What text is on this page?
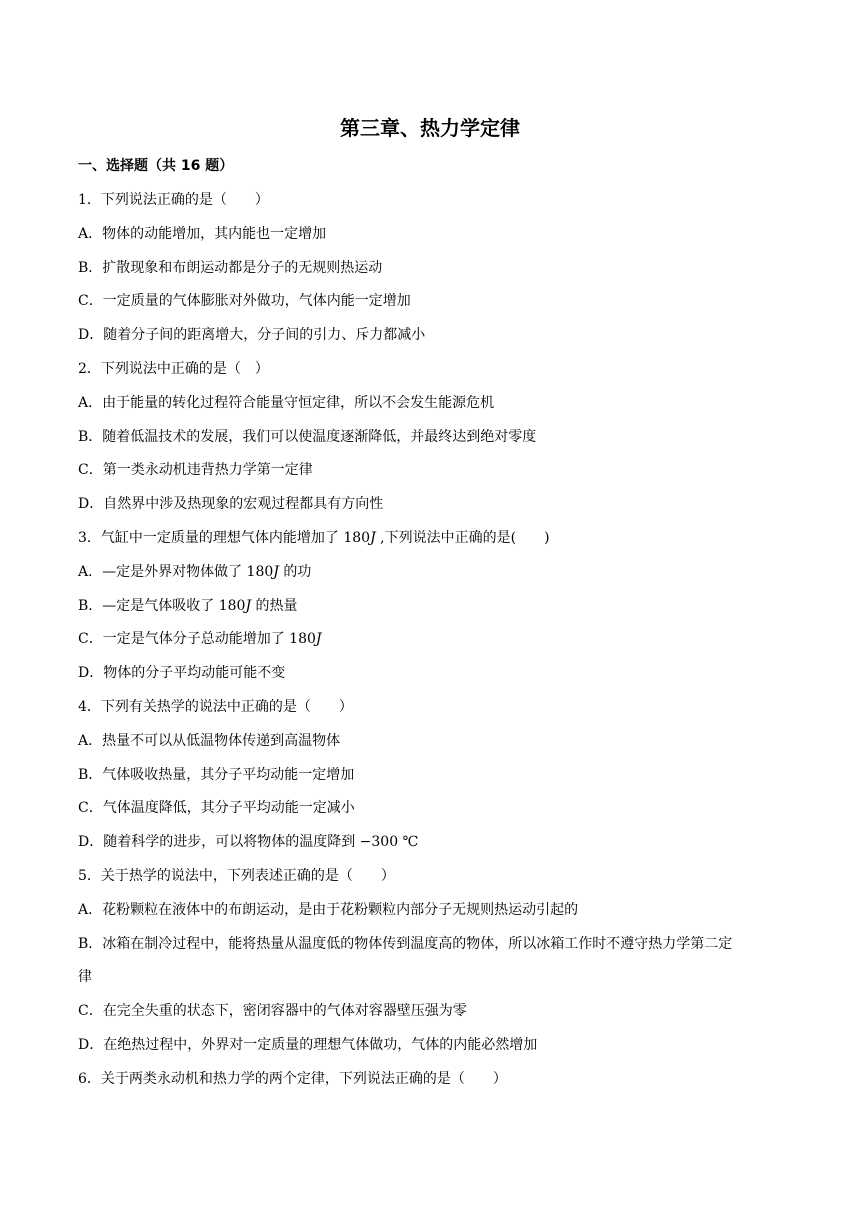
第三章、热力学定律
一、选择题（共 16 题）

1．下列说法正确的是（　　）

A．物体的动能增加，其内能也一定增加

B．扩散现象和布朗运动都是分子的无规则热运动

C．一定质量的气体膨胀对外做功，气体内能一定增加

D．随着分子间的距离增大，分子间的引力、斥力都减小

2．下列说法中正确的是（　）

A．由于能量的转化过程符合能量守恒定律，所以不会发生能源危机

B．随着低温技术的发展，我们可以使温度逐渐降低，并最终达到绝对零度

C．第一类永动机违背热力学第一定律

D．自然界中涉及热现象的宏观过程都具有方向性

3．气缸中一定质量的理想气体内能增加了 180J ,下列说法中正确的是(　　)

A．—定是外界对物体做了 180J 的功

B．—定是气体吸收了 180J 的热量

C．一定是气体分子总动能增加了 180J

D．物体的分子平均动能可能不变

4．下列有关热学的说法中正确的是（　　）

A．热量不可以从低温物体传递到高温物体

B．气体吸收热量，其分子平均动能一定增加

C．气体温度降低，其分子平均动能一定减小

D．随着科学的进步，可以将物体的温度降到 −300 ℃

5．关于热学的说法中，下列表述正确的是（　　）

A．花粉颗粒在液体中的布朗运动，是由于花粉颗粒内部分子无规则热运动引起的

B．冰箱在制冷过程中，能将热量从温度低的物体传到温度高的物体，所以冰箱工作时不遵守热力学第二定

律

C．在完全失重的状态下，密闭容器中的气体对容器壁压强为零

D．在绝热过程中，外界对一定质量的理想气体做功，气体的内能必然增加

6．关于两类永动机和热力学的两个定律，下列说法正确的是（　　）
